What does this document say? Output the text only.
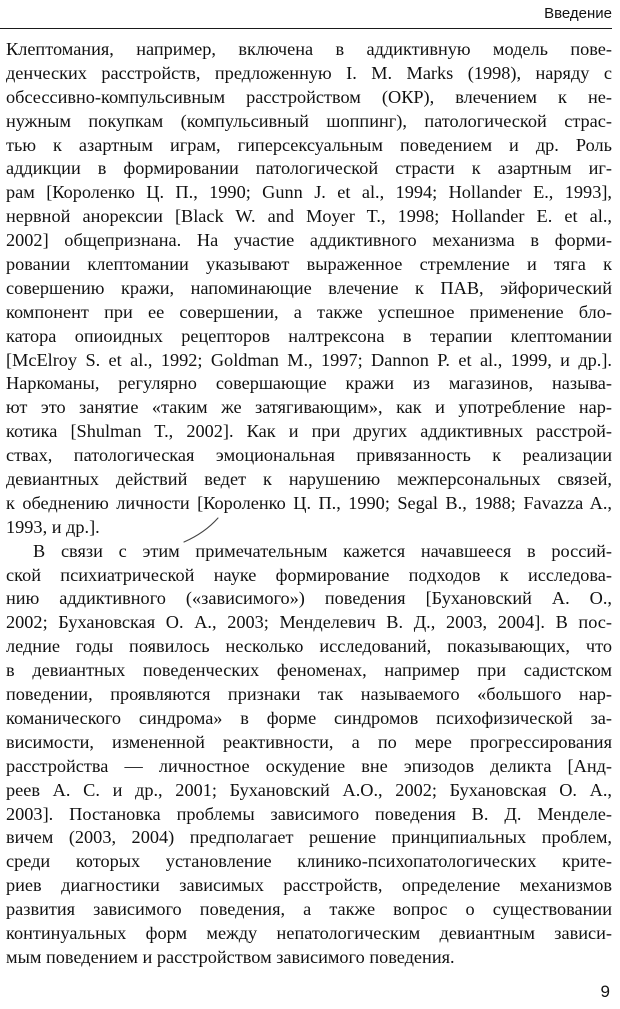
Введение
Клептомания, например, включена в аддиктивную модель пове-
денческих расстройств, предложенную I. M. Marks (1998), наряду с
обсессивно-компульсивным расстройством (ОКР), влечением к не-
нужным покупкам (компульсивный шоппинг), патологической страс-
тью к азартным играм, гиперсексуальным поведением и др. Роль
аддикции в формировании патологической страсти к азартным иг-
рам [Короленко Ц. П., 1990; Gunn J. et al., 1994; Hollander E., 1993],
нервной анорексии [Black W. and Moyer T., 1998; Hollander E. et al.,
2002] общепризнана. На участие аддиктивного механизма в форми-
ровании клептомании указывают выраженное стремление и тяга к
совершению кражи, напоминающие влечение к ПАВ, эйфорический
компонент при ее совершении, а также успешное применение бло-
катора опиоидных рецепторов налтрексона в терапии клептомании
[McElroy S. et al., 1992; Goldman M., 1997; Dannon P. et al., 1999, и др.].
Наркоманы, регулярно совершающие кражи из магазинов, называ-
ют это занятие «таким же затягивающим», как и употребление нар-
котика [Shulman T., 2002]. Как и при других аддиктивных расстрой-
ствах, патологическая эмоциональная привязанность к реализации
девиантных действий ведет к нарушению межперсональных связей,
к обеднению личности [Короленко Ц. П., 1990; Segal B., 1988; Favazza A.,
1993, и др.].
В связи с этим примечательным кажется начавшееся в россий-
ской психиатрической науке формирование подходов к исследова-
нию аддиктивного («зависимого») поведения [Бухановский А. О.,
2002; Бухановская О. А., 2003; Менделевич В. Д., 2003, 2004]. В пос-
ледние годы появилось несколько исследований, показывающих, что
в девиантных поведенческих феноменах, например при садистском
поведении, проявляются признаки так называемого «большого нар-
команического синдрома» в форме синдромов психофизической за-
висимости, измененной реактивности, а по мере прогрессирования
расстройства — личностное оскудение вне эпизодов деликта [Анд-
реев А. С. и др., 2001; Бухановский А.О., 2002; Бухановская О. А.,
2003]. Постановка проблемы зависимого поведения В. Д. Менделе-
вичем (2003, 2004) предполагает решение принципиальных проблем,
среди которых установление клинико-психопатологических крите-
риев диагностики зависимых расстройств, определение механизмов
развития зависимого поведения, а также вопрос о существовании
континуальных форм между непатологическим девиантным зависи-
мым поведением и расстройством зависимого поведения.
9
